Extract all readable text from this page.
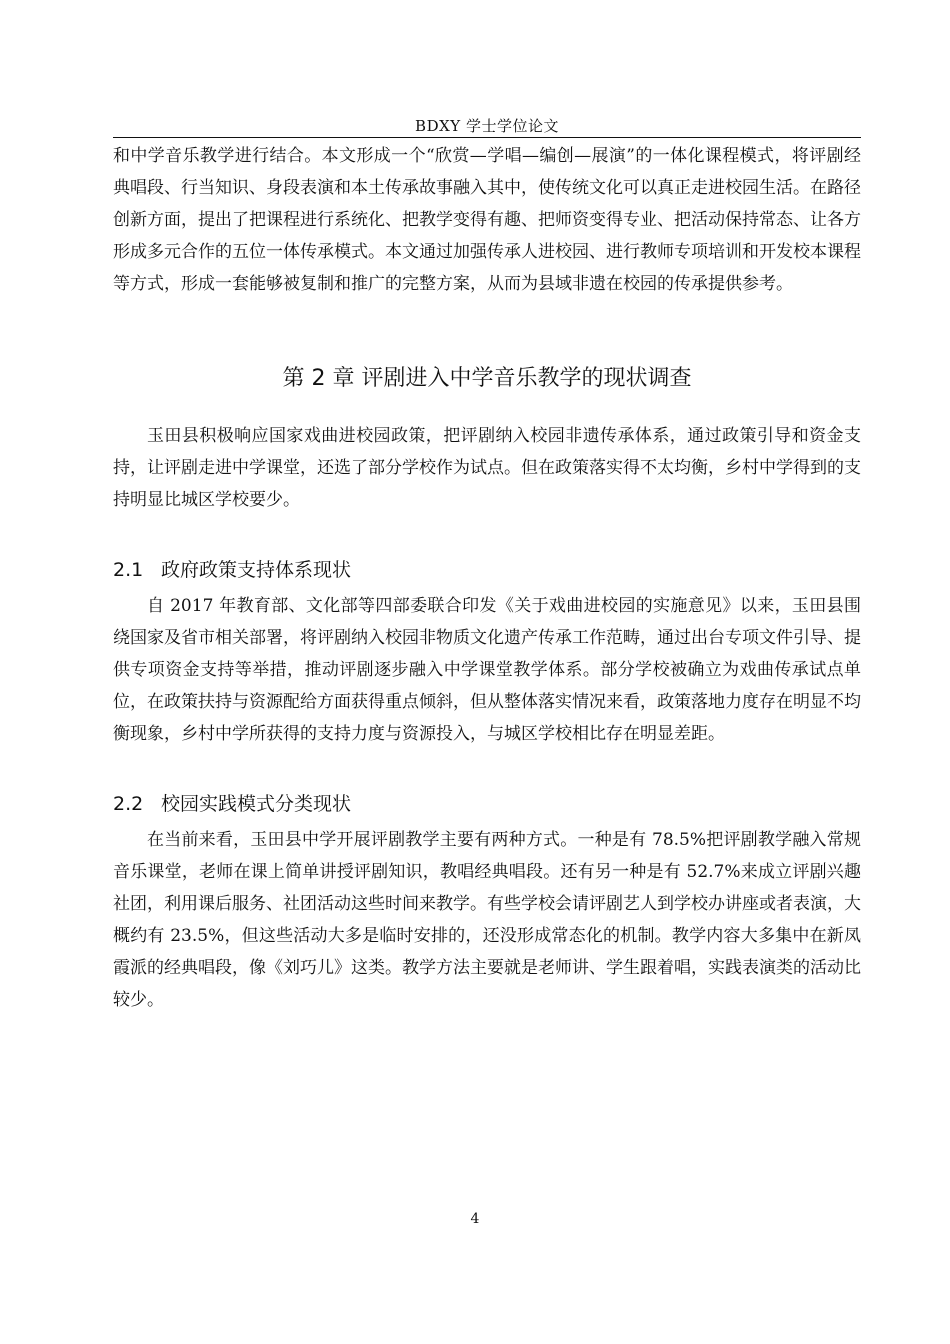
BDXY 学士学位论文

和中学音乐教学进行结合。本文形成一个“欣赏—学唱—编创—展演”的一体化课程模式，将评剧经典唱段、行当知识、身段表演和本土传承故事融入其中，使传统文化可以真正走进校园生活。在路径创新方面，提出了把课程进行系统化、把教学变得有趣、把师资变得专业、把活动保持常态、让各方形成多元合作的五位一体传承模式。本文通过加强传承人进校园、进行教师专项培训和开发校本课程等方式，形成一套能够被复制和推广的完整方案，从而为县域非遗在校园的传承提供参考。

第 2 章 评剧进入中学音乐教学的现状调查

玉田县积极响应国家戏曲进校园政策，把评剧纳入校园非遗传承体系，通过政策引导和资金支持，让评剧走进中学课堂，还选了部分学校作为试点。但在政策落实得不太均衡，乡村中学得到的支持明显比城区学校要少。

2.1 政府政策支持体系现状

自 2017 年教育部、文化部等四部委联合印发《关于戏曲进校园的实施意见》以来，玉田县围绕国家及省市相关部署，将评剧纳入校园非物质文化遗产传承工作范畴，通过出台专项文件引导、提供专项资金支持等举措，推动评剧逐步融入中学课堂教学体系。部分学校被确立为戏曲传承试点单位，在政策扶持与资源配给方面获得重点倾斜，但从整体落实情况来看，政策落地力度存在明显不均衡现象，乡村中学所获得的支持力度与资源投入，与城区学校相比存在明显差距。

2.2 校园实践模式分类现状

在当前来看，玉田县中学开展评剧教学主要有两种方式。一种是有 78.5%把评剧教学融入常规音乐课堂，老师在课上简单讲授评剧知识，教唱经典唱段。还有另一种是有 52.7%来成立评剧兴趣社团，利用课后服务、社团活动这些时间来教学。有些学校会请评剧艺人到学校办讲座或者表演，大概约有 23.5%，但这些活动大多是临时安排的，还没形成常态化的机制。教学内容大多集中在新凤霞派的经典唱段，像《刘巧儿》这类。教学方法主要就是老师讲、学生跟着唱，实践表演类的活动比较少。

4
